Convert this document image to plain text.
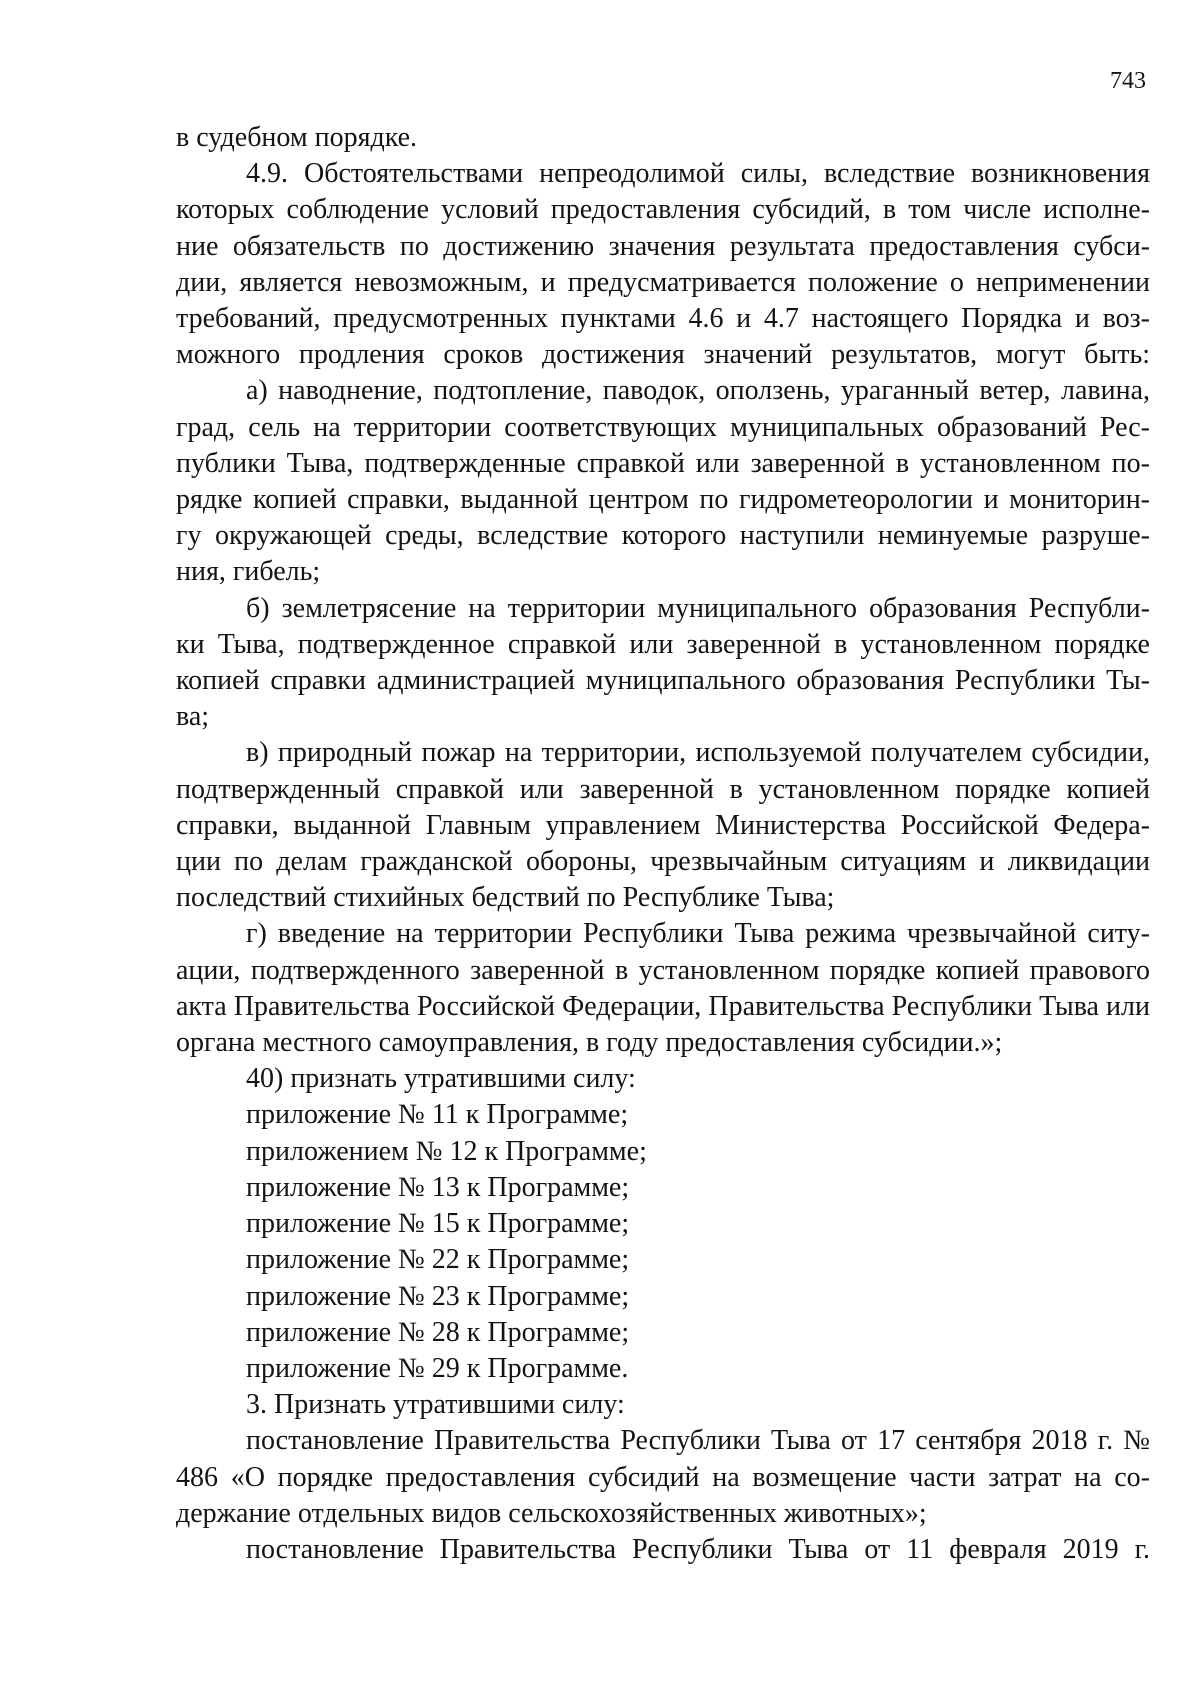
743

в судебном порядке.

4.9. Обстоятельствами непреодолимой силы, вследствие возникновения которых соблюдение условий предоставления субсидий, в том числе исполне- ние обязательств по достижению значения результата предоставления субси- дии, является невозможным, и предусматривается положение о неприменении требований, предусмотренных пунктами 4.6 и 4.7 настоящего Порядка и воз- можного продления сроков достижения значений результатов, могут быть:

а) наводнение, подтопление, паводок, оползень, ураганный ветер, лавина, град, сель на территории соответствующих муниципальных образований Рес- публики Тыва, подтвержденные справкой или заверенной в установленном по- рядке копией справки, выданной центром по гидрометеорологии и мониторин- гу окружающей среды, вследствие которого наступили неминуемые разруше- ния, гибель;

б) землетрясение на территории муниципального образования Республи- ки Тыва, подтвержденное справкой или заверенной в установленном порядке копией справки администрацией муниципального образования Республики Ты- ва;

в) природный пожар на территории, используемой получателем субсидии, подтвержденный справкой или заверенной в установленном порядке копией справки, выданной Главным управлением Министерства Российской Федера- ции по делам гражданской обороны, чрезвычайным ситуациям и ликвидации последствий стихийных бедствий по Республике Тыва;

г) введение на территории Республики Тыва режима чрезвычайной ситу- ации, подтвержденного заверенной в установленном порядке копией правового акта Правительства Российской Федерации, Правительства Республики Тыва или органа местного самоуправления, в году предоставления субсидии.»;

40) признать утратившими силу:

приложение № 11 к Программе;

приложением № 12 к Программе;

приложение № 13 к Программе;

приложение № 15 к Программе;

приложение № 22 к Программе;

приложение № 23 к Программе;

приложение № 28 к Программе;

приложение № 29 к Программе.

3. Признать утратившими силу:

постановление Правительства Республики Тыва от 17 сентября 2018 г. № 486 «О порядке предоставления субсидий на возмещение части затрат на со- держание отдельных видов сельскохозяйственных животных»;

постановление Правительства Республики Тыва от 11 февраля 2019 г.
